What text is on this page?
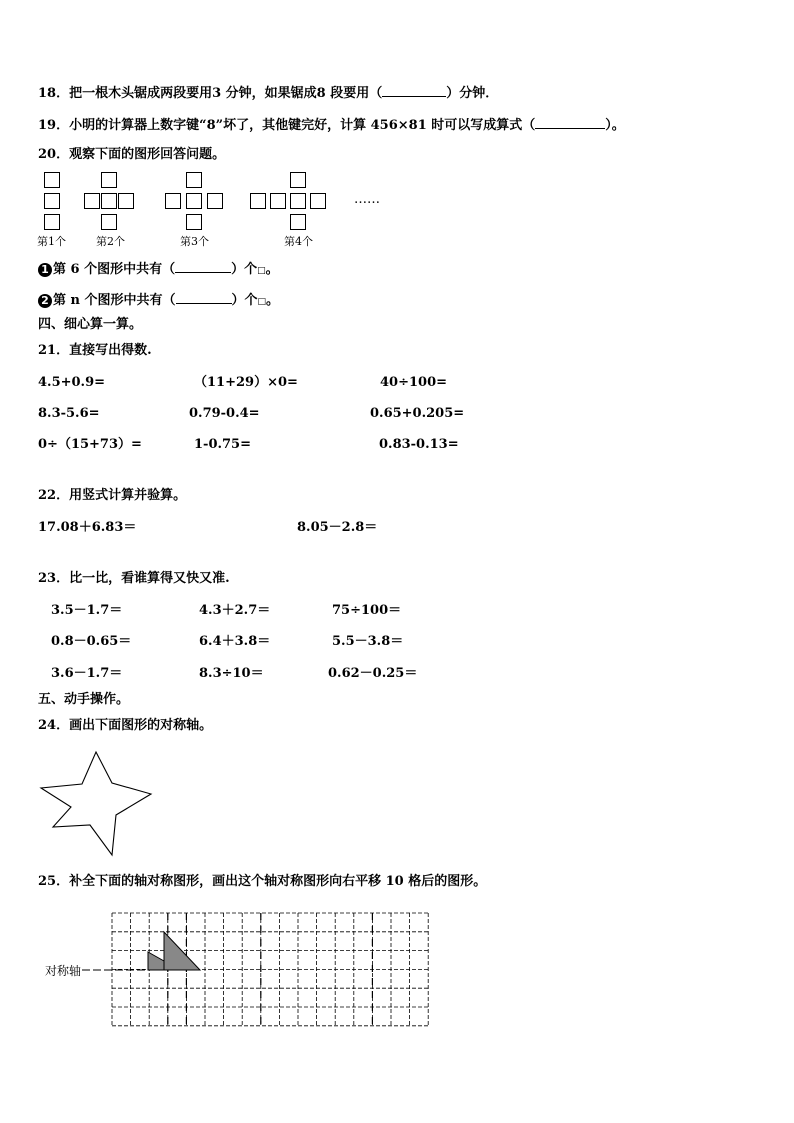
18．把一根木头锯成两段要用3 分钟，如果锯成8 段要用（	）分钟．
19．小明的计算器上数字键“8”坏了，其他键完好，计算 456×81 时可以写成算式（	）。
20．观察下面的图形回答问题。
……
第1个	第2个	第3个	第4个
1 第 6 个图形中共有（	）个□。
2 第 n 个图形中共有（	）个□。
四、细心算一算。
21．直接写出得数.
4.5+0.9=	（11+29）×0=	40÷100=
8.3-5.6=	0.79-0.4=	0.65+0.205=
0÷（15+73）=	1-0.75=	0.83-0.13=
22．用竖式计算并验算。
17.08＋6.83＝	8.05－2.8＝
23．比一比，看谁算得又快又准.
3.5－1.7＝	4.3＋2.7＝	75÷100＝
0.8－0.65＝	6.4＋3.8＝	5.5－3.8＝
3.6－1.7＝	8.3÷10＝	0.62－0.25＝
五、动手操作。
24．画出下面图形的对称轴。
25．补全下面的轴对称图形，画出这个轴对称图形向右平移 10 格后的图形。
对称轴
